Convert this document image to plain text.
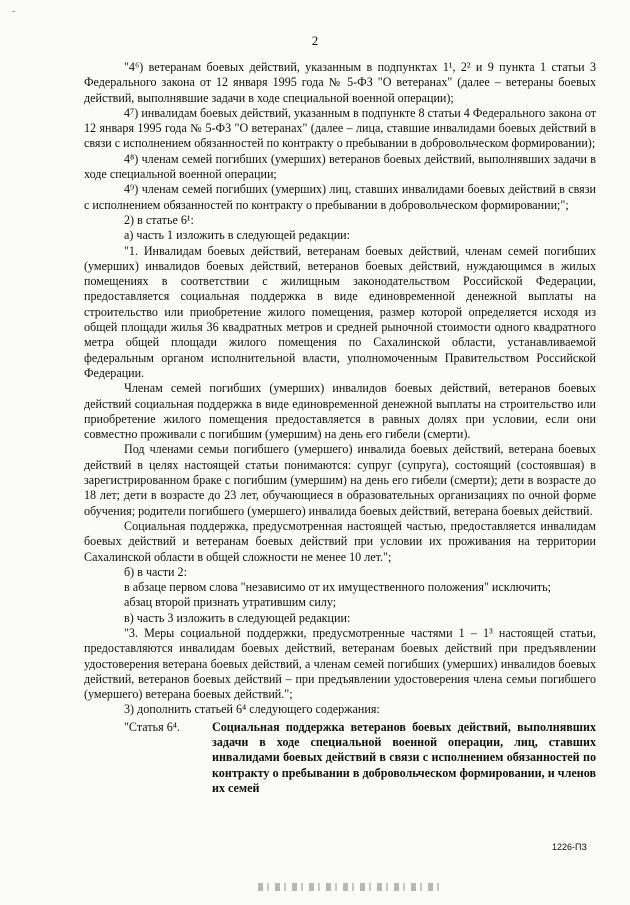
-
2

"4⁶) ветеранам боевых действий, указанным в подпунктах 1¹, 2² и 9 пункта 1 статьи 3 Федерального закона от 12 января 1995 года № 5-ФЗ "О ветеранах" (далее – ветераны боевых действий, выполнявшие задачи в ходе специальной военной операции);

4⁷) инвалидам боевых действий, указанным в подпункте 8 статьи 4 Федерального закона от 12 января 1995 года № 5-ФЗ "О ветеранах" (далее – лица, ставшие инвалидами боевых действий в связи с исполнением обязанностей по контракту о пребывании в добровольческом формировании);

4⁸) членам семей погибших (умерших) ветеранов боевых действий, выполнявших задачи в ходе специальной военной операции;

4⁹) членам семей погибших (умерших) лиц, ставших инвалидами боевых действий в связи с исполнением обязанностей по контракту о пребывании в добровольческом формировании;";

2) в статье 6¹:

а) часть 1 изложить в следующей редакции:

"1. Инвалидам боевых действий, ветеранам боевых действий, членам семей погибших (умерших) инвалидов боевых действий, ветеранов боевых действий, нуждающимся в жилых помещениях в соответствии с жилищным законодательством Российской Федерации, предоставляется социальная поддержка в виде единовременной денежной выплаты на строительство или приобретение жилого помещения, размер которой определяется исходя из общей площади жилья 36 квадратных метров и средней рыночной стоимости одного квадратного метра общей площади жилого помещения по Сахалинской области, устанавливаемой федеральным органом исполнительной власти, уполномоченным Правительством Российской Федерации.

Членам семей погибших (умерших) инвалидов боевых действий, ветеранов боевых действий социальная поддержка в виде единовременной денежной выплаты на строительство или приобретение жилого помещения предоставляется в равных долях при условии, если они совместно проживали с погибшим (умершим) на день его гибели (смерти).

Под членами семьи погибшего (умершего) инвалида боевых действий, ветерана боевых действий в целях настоящей статьи понимаются: супруг (супруга), состоящий (состоявшая) в зарегистрированном браке с погибшим (умершим) на день его гибели (смерти); дети в возрасте до 18 лет; дети в возрасте до 23 лет, обучающиеся в образовательных организациях по очной форме обучения; родители погибшего (умершего) инвалида боевых действий, ветерана боевых действий.

Социальная поддержка, предусмотренная настоящей частью, предоставляется инвалидам боевых действий и ветеранам боевых действий при условии их проживания на территории Сахалинской области в общей сложности не менее 10 лет.";

б) в части 2:

в абзаце первом слова "независимо от их имущественного положения" исключить;

абзац второй признать утратившим силу;

в) часть 3 изложить в следующей редакции:

"3. Меры социальной поддержки, предусмотренные частями 1 – 1³ настоящей статьи, предоставляются инвалидам боевых действий, ветеранам боевых действий при предъявлении удостоверения ветерана боевых действий, а членам семей погибших (умерших) инвалидов боевых действий, ветеранов боевых действий – при предъявлении удостоверения члена семьи погибшего (умершего) ветерана боевых действий.";

3) дополнить статьей 6⁴ следующего содержания:

"Статья 6⁴.	Социальная поддержка ветеранов боевых действий, выполнявших задачи в ходе специальной военной операции, лиц, ставших инвалидами боевых действий в связи с исполнением обязанностей по контракту о пребывании в добровольческом формировании, и членов их семей
1226-ПЗ
